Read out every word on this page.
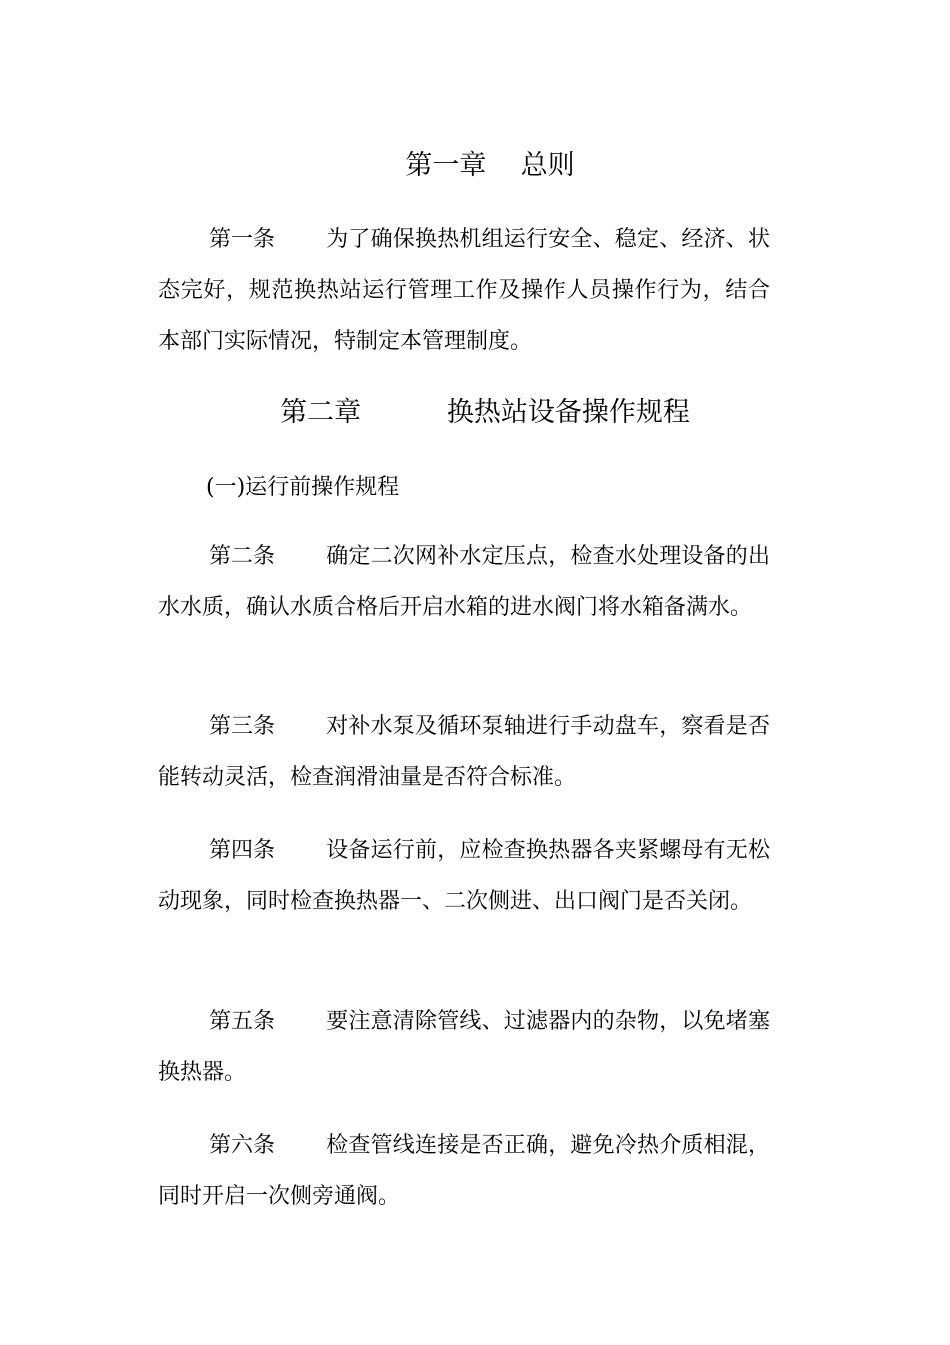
第一章 总则
第一条 为了确保换热机组运行安全、稳定、经济、状态完好，规范换热站运行管理工作及操作人员操作行为，结合本部门实际情况，特制定本管理制度。
第二章	换热站设备操作规程
(一)运行前操作规程
第二条 确定二次网补水定压点，检查水处理设备的出水水质，确认水质合格后开启水箱的进水阀门将水箱备满水。
第三条 对补水泵及循环泵轴进行手动盘车，察看是否能转动灵活，检查润滑油量是否符合标准。
第四条 设备运行前，应检查换热器各夹紧螺母有无松动现象，同时检查换热器一、二次侧进、出口阀门是否关闭。
第五条 要注意清除管线、过滤器内的杂物，以免堵塞换热器。
第六条 检查管线连接是否正确，避免冷热介质相混，同时开启一次侧旁通阀。
